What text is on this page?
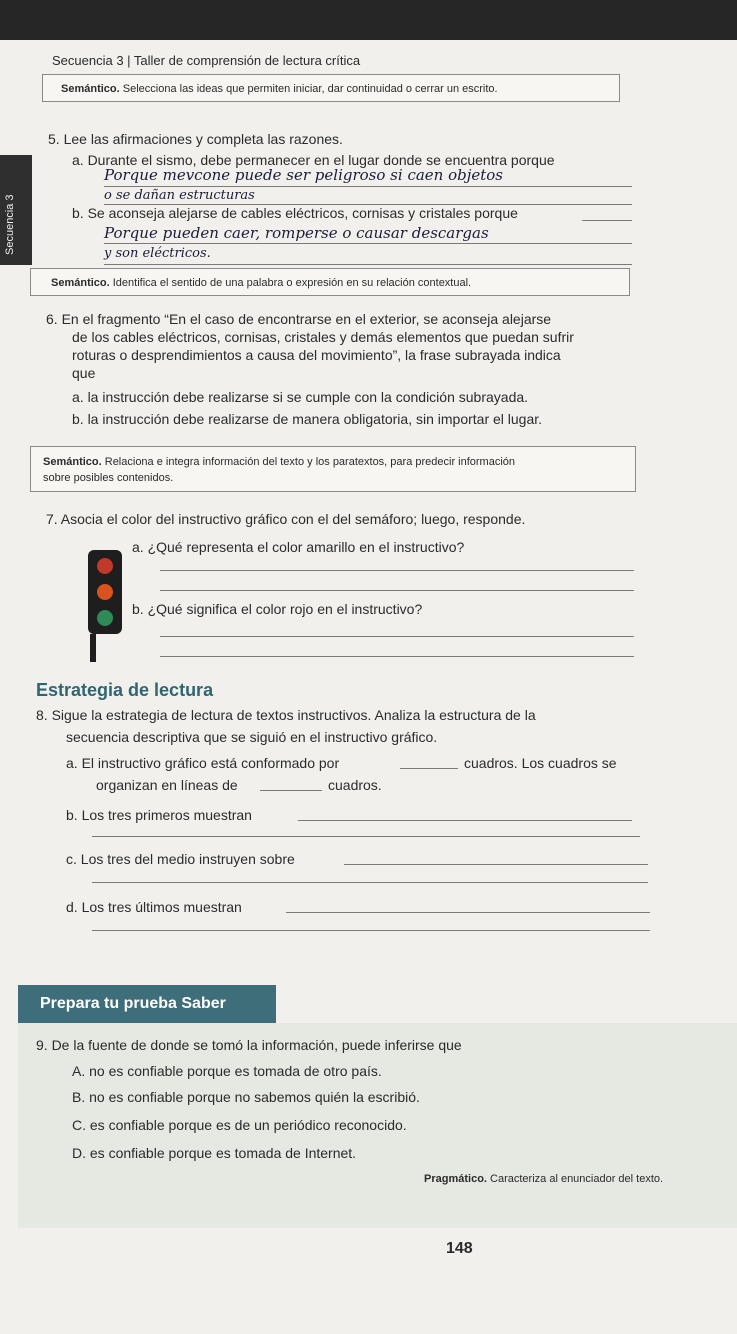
Secuencia 3 | Taller de comprensión de lectura crítica
Secuencia 3
Semántico. Selecciona las ideas que permiten iniciar, dar continuidad o cerrar un escrito.
5. Lee las afirmaciones y completa las razones.
a. Durante el sismo, debe permanecer en el lugar donde se encuentra porque
Porque mevcone puede ser peligroso si caen objetos
o se dañan estructuras
b. Se aconseja alejarse de cables eléctricos, cornisas y cristales porque
Porque pueden caer, romperse o causar descargas
y son eléctricos.
Semántico. Identifica el sentido de una palabra o expresión en su relación contextual.
6. En el fragmento “En el caso de encontrarse en el exterior, se aconseja alejarse
de los cables eléctricos, cornisas, cristales y demás elementos que puedan sufrir
roturas o desprendimientos a causa del movimiento”, la frase subrayada indica
que
a. la instrucción debe realizarse si se cumple con la condición subrayada.
b. la instrucción debe realizarse de manera obligatoria, sin importar el lugar.
Semántico. Relaciona e integra información del texto y los paratextos, para predecir información
sobre posibles contenidos.
7. Asocia el color del instructivo gráfico con el del semáforo; luego, responde.
a. ¿Qué representa el color amarillo en el instructivo?
b. ¿Qué significa el color rojo en el instructivo?
Estrategia de lectura
8. Sigue la estrategia de lectura de textos instructivos. Analiza la estructura de la
secuencia descriptiva que se siguió en el instructivo gráfico.
a. El instructivo gráfico está conformado por	cuadros. Los cuadros se
organizan en líneas de	cuadros.
b. Los tres primeros muestran
c. Los tres del medio instruyen sobre
d. Los tres últimos muestran
Prepara tu prueba Saber
9. De la fuente de donde se tomó la información, puede inferirse que
A. no es confiable porque es tomada de otro país.
B. no es confiable porque no sabemos quién la escribió.
C. es confiable porque es de un periódico reconocido.
D. es confiable porque es tomada de Internet.
Pragmático. Caracteriza al enunciador del texto.
148
